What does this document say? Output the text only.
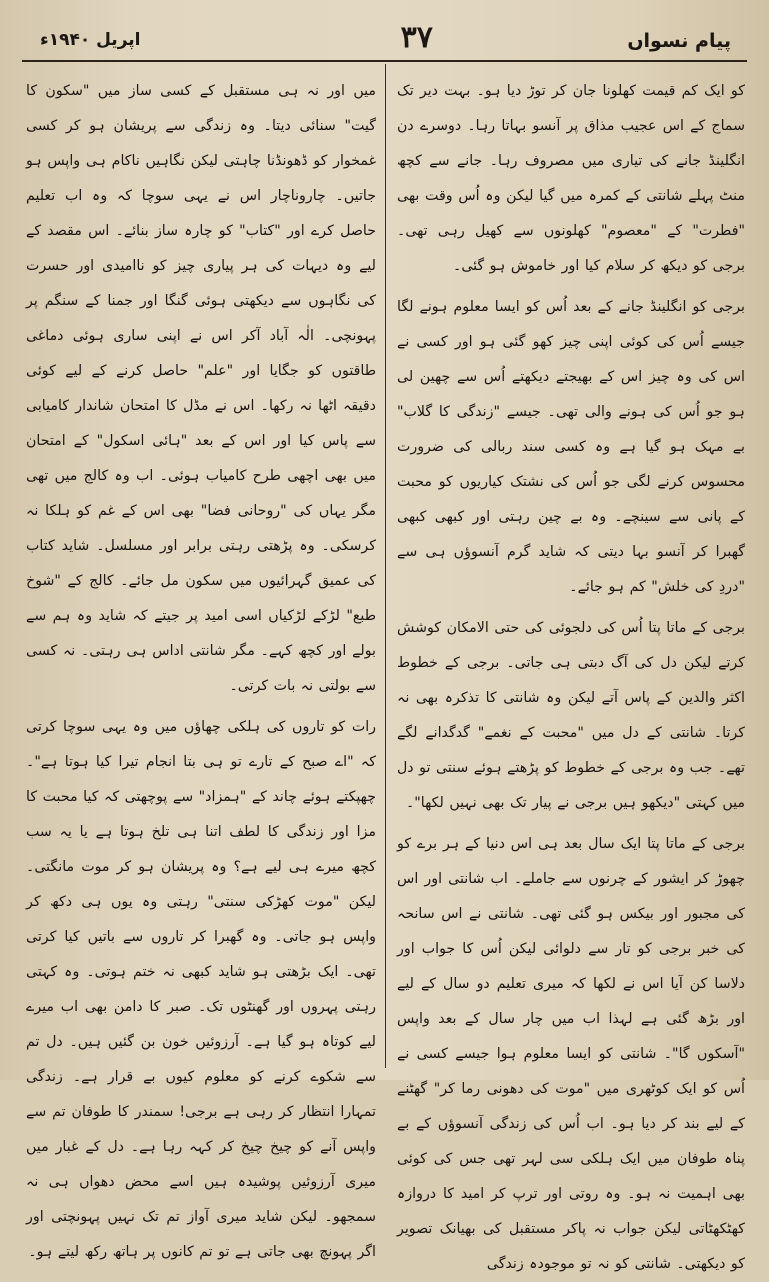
پیام نسواں
۳۷
اپریل ۱۹۴۰ء

کو ایک کم قیمت کھلونا جان کر توڑ دیا ہو۔ بہت دیر تک سماج کے اس عجیب مذاق پر آنسو بہاتا رہا۔ دوسرے دن انگلینڈ جانے کی تیاری میں مصروف رہا۔ جانے سے کچھ منٹ پہلے شانتی کے کمرہ میں گیا لیکن وہ اُس وقت بھی "فطرت" کے "معصوم" کھلونوں سے کھیل رہی تھی۔ برجی کو دیکھ کر سلام کیا اور خاموش ہو گئی۔

برجی کو انگلینڈ جانے کے بعد اُس کو ایسا معلوم ہونے لگا جیسے اُس کی کوئی اپنی چیز کھو گئی ہو اور کسی نے اس کی وہ چیز اس کے بھیجتے دیکھتے اُس سے چھین لی ہو جو اُس کی ہونے والی تھی۔ جیسے "زندگی کا گلاب" بے مہک ہو گیا ہے وہ کسی سند ربالی کی ضرورت محسوس کرنے لگی جو اُس کی نشتک کیاریوں کو محبت کے پانی سے سینچے۔ وہ بے چین رہتی اور کبھی کبھی گھبرا کر آنسو بہا دیتی کہ شاید گرم آنسوؤں ہی سے "دردِ کی خلش" کم ہو جائے۔

برجی کے ماتا پتا اُس کی دلجوئی کی حتی الامکان کوشش کرتے لیکن دل کی آگ دبتی ہی جاتی۔ برجی کے خطوط اکثر والدین کے پاس آتے لیکن وہ شانتی کا تذکرہ بھی نہ کرتا۔ شانتی کے دل میں "محبت کے نغمے" گدگدانے لگے تھے۔ جب وہ برجی کے خطوط کو پڑھتے ہوئے سنتی تو دل میں کہتی "دیکھو ہیں برجی نے پیار تک بھی نہیں لکھا"۔

برجی کے ماتا پتا ایک سال بعد ہی اس دنیا کے ہر برے کو چھوڑ کر ایشور کے چرنوں سے جاملے۔ اب شانتی اور اس کی مجبور اور بیکس ہو گئی تھی۔ شانتی نے اس سانحہ کی خبر برجی کو تار سے دلوائی لیکن اُس کا جواب اور دلاسا کن آیا اس نے لکھا کہ میری تعلیم دو سال کے لیے اور بڑھ گئی ہے لہذا اب میں چار سال کے بعد واپس "آسکوں گا"۔ شانتی کو ایسا معلوم ہوا جیسے کسی نے اُس کو ایک کوٹھری میں "موت کی دھونی رما کر" گھٹنے کے لیے بند کر دیا ہو۔ اب اُس کی زندگی آنسوؤں کے بے پناہ طوفان میں ایک ہلکی سی لہر تھی جس کی کوئی بھی اہمیت نہ ہو۔ وہ روتی اور ترپ کر امید کا دروازہ کھٹکھٹاتی لیکن جواب نہ پاکر مستقبل کی بھیانک تصویر کو دیکھتی۔ شانتی کو نہ تو موجودہ زندگی

میں اور نہ ہی مستقبل کے کسی ساز میں "سکون کا گیت" سنائی دیتا۔ وہ زندگی سے پریشان ہو کر کسی غمخوار کو ڈھونڈنا چاہتی لیکن نگاہیں ناکام ہی واپس ہو جاتیں۔ چاروناچار اس نے یہی سوچا کہ وہ اب تعلیم حاصل کرے اور "کتاب" کو چارہ ساز بنائے۔ اس مقصد کے لیے وہ دیہات کی ہر پیاری چیز کو ناامیدی اور حسرت کی نگاہوں سے دیکھتی ہوئی گنگا اور جمنا کے سنگم پر پہونچی۔ الٰہ آباد آکر اس نے اپنی ساری ہوئی دماغی طاقتوں کو جگایا اور "علم" حاصل کرنے کے لیے کوئی دقیقہ اٹھا نہ رکھا۔ اس نے مڈل کا امتحان شاندار کامیابی سے پاس کیا اور اس کے بعد "ہائی اسکول" کے امتحان میں بھی اچھی طرح کامیاب ہوئی۔ اب وہ کالج میں تھی مگر یہاں کی "روحانی فضا" بھی اس کے غم کو ہلکا نہ کرسکی۔ وہ پڑھتی رہتی برابر اور مسلسل۔ شاید کتاب کی عمیق گہرائیوں میں سکون مل جائے۔ کالج کے "شوخ طبع" لڑکے لڑکیاں اسی امید پر جیتے کہ شاید وہ ہم سے بولے اور کچھ کہے۔ مگر شانتی اداس ہی رہتی۔ نہ کسی سے بولتی نہ بات کرتی۔

رات کو تاروں کی ہلکی چھاؤں میں وہ یہی سوچا کرتی کہ "اے صبح کے تارے تو ہی بتا انجام تیرا کیا ہوتا ہے"۔ چھپکتے ہوئے چاند کے "ہمزاد" سے پوچھتی کہ کیا محبت کا مزا اور زندگی کا لطف اتنا ہی تلخ ہوتا ہے یا یہ سب کچھ میرے ہی لیے ہے؟ وہ پریشان ہو کر موت مانگتی۔ لیکن "موت کھڑکی سنتی" رہتی وہ یوں ہی دکھ کر واپس ہو جاتی۔ وہ گھبرا کر تاروں سے باتیں کیا کرتی تھی۔ ایک بڑھتی ہو شاید کبھی نہ ختم ہوتی۔ وہ کہتی رہتی پہروں اور گھنٹوں تک۔ صبر کا دامن بھی اب میرے لیے کوتاہ ہو گیا ہے۔ آرزوئیں خون بن گئیں ہیں۔ دل تم سے شکوے کرنے کو معلوم کیوں بے قرار ہے۔ زندگی تمہارا انتظار کر رہی ہے برجی! سمندر کا طوفان تم سے واپس آنے کو چیخ چیخ کر کہہ رہا ہے۔ دل کے غبار میں میری آرزوئیں پوشیدہ ہیں اسے محض دھواں ہی نہ سمجھو۔ لیکن شاید میری آواز تم تک نہیں پہونچتی اور اگر پہونچ بھی جاتی ہے تو تم کانوں پر ہاتھ رکھ لیتے ہو۔
